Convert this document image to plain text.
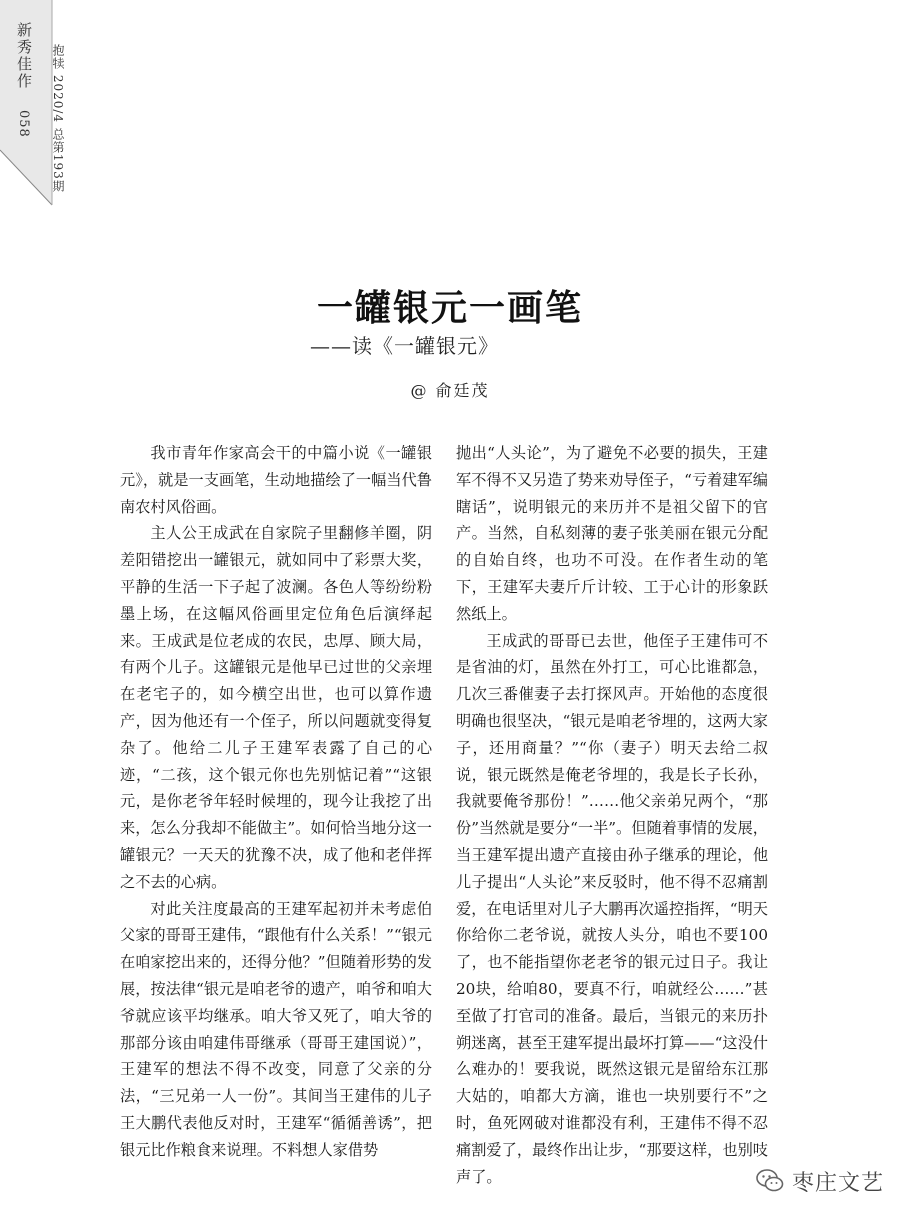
新秀佳作
058 抱犊 2020/4 总第193期
一罐银元一画笔
——读《一罐银元》
@ 俞廷茂

我市青年作家高会干的中篇小说《一罐银元》，就是一支画笔，生动地描绘了一幅当代鲁南农村风俗画。

主人公王成武在自家院子里翻修羊圈，阴差阳错挖出一罐银元，就如同中了彩票大奖，平静的生活一下子起了波澜。各色人等纷纷粉墨上场，在这幅风俗画里定位角色后演绎起来。王成武是位老成的农民，忠厚、顾大局，有两个儿子。这罐银元是他早已过世的父亲埋在老宅子的，如今横空出世，也可以算作遗产，因为他还有一个侄子，所以问题就变得复杂了。他给二儿子王建军表露了自己的心迹，“二孩，这个银元你也先别惦记着”“这银元，是你老爷年轻时候埋的，现今让我挖了出来，怎么分我却不能做主”。如何恰当地分这一罐银元？一天天的犹豫不决，成了他和老伴挥之不去的心病。

对此关注度最高的王建军起初并未考虑伯父家的哥哥王建伟，“跟他有什么关系！”“银元在咱家挖出来的，还得分他？”但随着形势的发展，按法律“银元是咱老爷的遗产，咱爷和咱大爷就应该平均继承。咱大爷又死了，咱大爷的那部分该由咱建伟哥继承（哥哥王建国说）”，王建军的想法不得不改变，同意了父亲的分法，“三兄弟一人一份”。其间当王建伟的儿子王大鹏代表他反对时，王建军“循循善诱”，把银元比作粮食来说理。不料想人家借势

抛出“人头论”，为了避免不必要的损失，王建军不得不又另造了势来劝导侄子，“亏着建军编瞎话”，说明银元的来历并不是祖父留下的官产。当然，自私刻薄的妻子张美丽在银元分配的自始自终，也功不可没。在作者生动的笔下，王建军夫妻斤斤计较、工于心计的形象跃然纸上。

王成武的哥哥已去世，他侄子王建伟可不是省油的灯，虽然在外打工，可心比谁都急，几次三番催妻子去打探风声。开始他的态度很明确也很坚决，“银元是咱老爷埋的，这两大家子，还用商量？”“你（妻子）明天去给二叔说，银元既然是俺老爷埋的，我是长子长孙，我就要俺爷那份！”……他父亲弟兄两个，“那份”当然就是要分“一半”。但随着事情的发展，当王建军提出遗产直接由孙子继承的理论，他儿子提出“人头论”来反驳时，他不得不忍痛割爱，在电话里对儿子大鹏再次遥控指挥，“明天你给你二老爷说，就按人头分，咱也不要100了，也不能指望你老老爷的银元过日子。我让20块，给咱80，要真不行，咱就经公……”甚至做了打官司的准备。最后，当银元的来历扑朔迷离，甚至王建军提出最坏打算——“这没什么难办的！要我说，既然这银元是留给东江那大姑的，咱都大方滴，谁也一块别要行不”之时，鱼死网破对谁都没有利，王建伟不得不忍痛割爱了，最终作出让步，“那要这样，也别吱声了。	枣庄文艺
